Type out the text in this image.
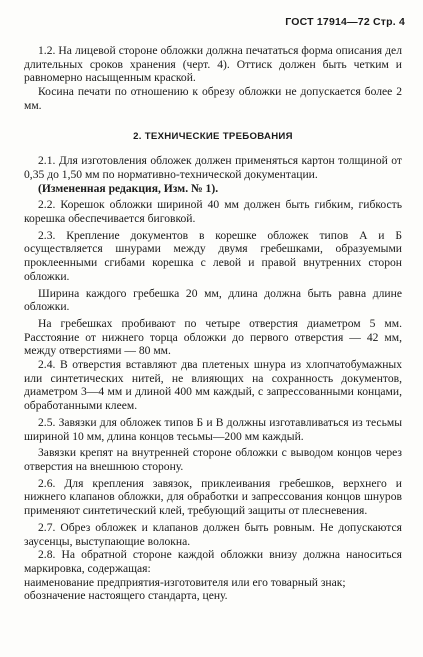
ГОСТ 17914—72 Стр. 4

1.2. На лицевой стороне обложки должна печататься форма описания дел длительных сроков хранения (черт. 4). Оттиск должен быть четким и равномерно насыщенным краской.

Косина печати по отношению к обрезу обложки не допускается более 2 мм.

2. ТЕХНИЧЕСКИЕ ТРЕБОВАНИЯ

2.1. Для изготовления обложек должен применяться картон толщиной от 0,35 до 1,50 мм по нормативно-технической документации.

(Измененная редакция, Изм. № 1).

2.2. Корешок обложки шириной 40 мм должен быть гибким, гибкость корешка обеспечивается биговкой.

2.3. Крепление документов в корешке обложек типов А и Б осуществляется шнурами между двумя гребешками, образуемыми проклеенными сгибами корешка с левой и правой внутренних сторон обложки.

Ширина каждого гребешка 20 мм, длина должна быть равна длине обложки.

На гребешках пробивают по четыре отверстия диаметром 5 мм. Расстояние от нижнего торца обложки до первого отверстия — 42 мм, между отверстиями — 80 мм.

2.4. В отверстия вставляют два плетеных шнура из хлопчатобумажных или синтетических нитей, не влияющих на сохранность документов, диаметром 3—4 мм и длиной 400 мм каждый, с запрессованными концами, обработанными клеем.

2.5. Завязки для обложек типов Б и В должны изготавливаться из тесьмы шириной 10 мм, длина концов тесьмы—200 мм каждый.

Завязки крепят на внутренней стороне обложки с выводом концов через отверстия на внешнюю сторону.

2.6. Для крепления завязок, приклеивания гребешков, верхнего и нижнего клапанов обложки, для обработки и запрессования концов шнуров применяют синтетический клей, требующий защиты от плесневения.

2.7. Обрез обложек и клапанов должен быть ровным. Не допускаются заусенцы, выступающие волокна.

2.8. На обратной стороне каждой обложки внизу должна наноситься маркировка, содержащая:

наименование предприятия-изготовителя или его товарный знак;

обозначение настоящего стандарта, цену.
